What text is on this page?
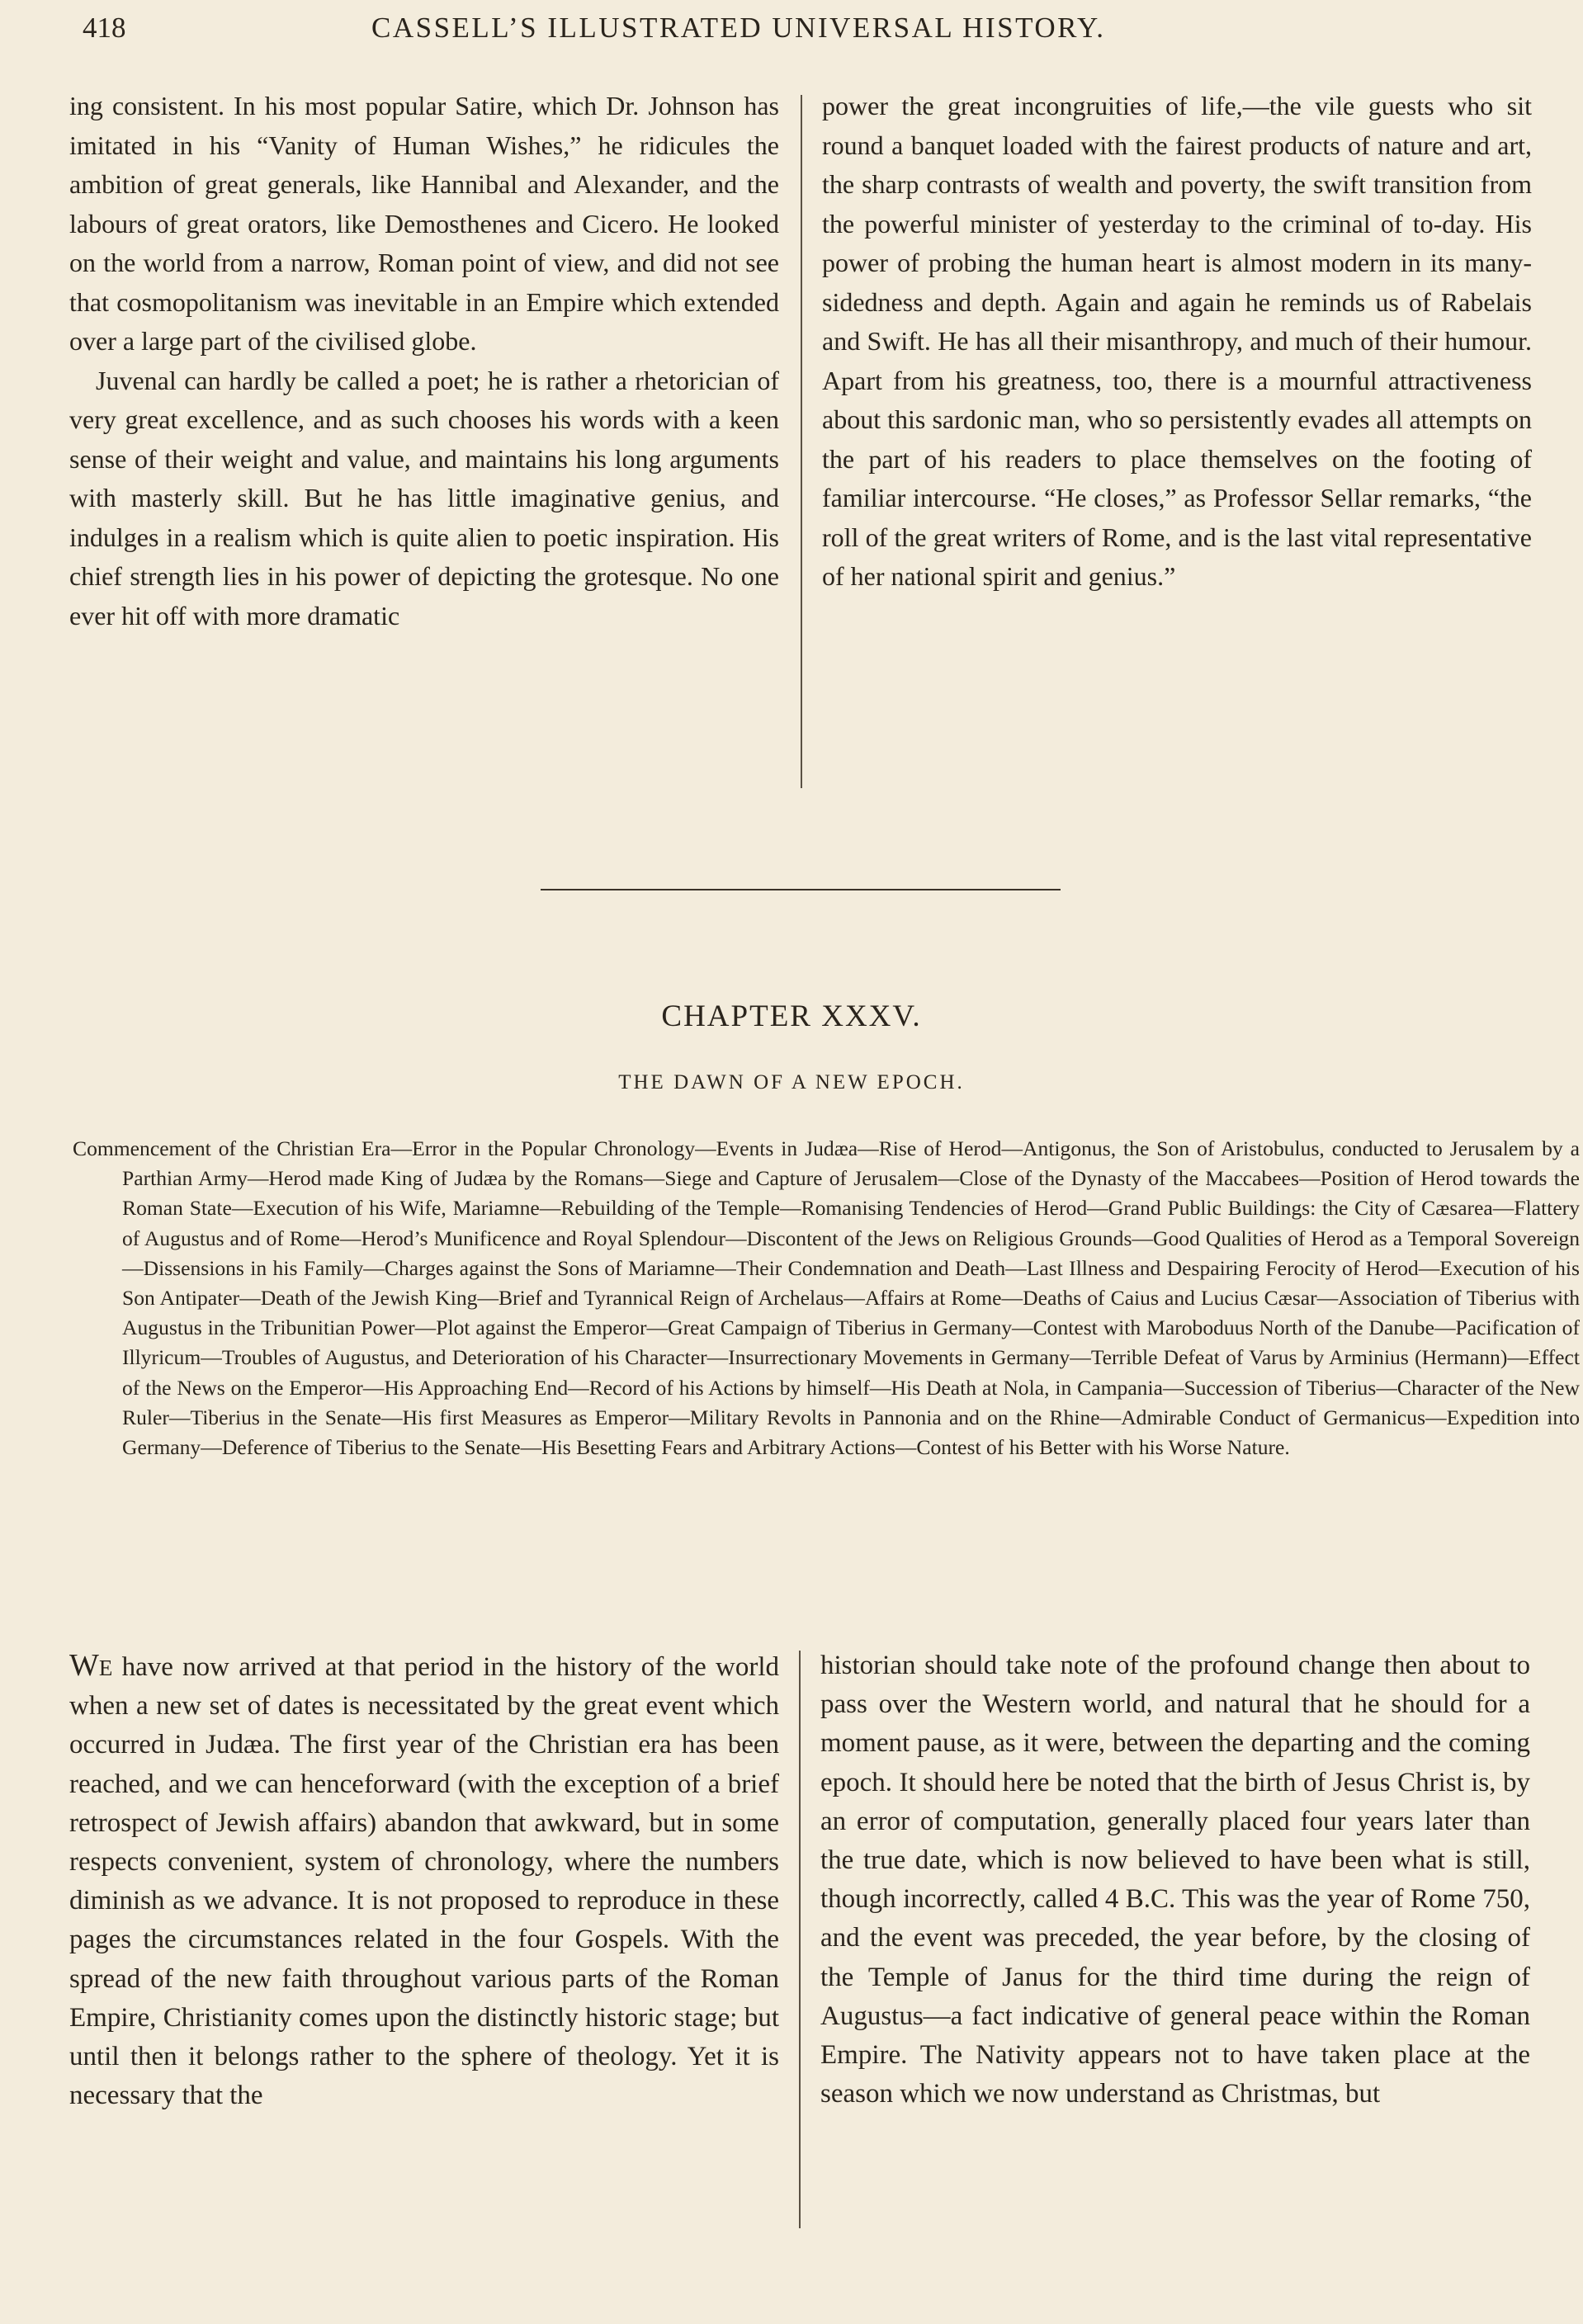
418	CASSELL’S ILLUSTRATED UNIVERSAL HISTORY.

ing consistent. In his most popular Satire, which Dr. Johnson has imitated in his “Vanity of Human Wishes,” he ridicules the ambition of great generals, like Hannibal and Alexander, and the labours of great orators, like Demosthenes and Cicero. He looked on the world from a narrow, Roman point of view, and did not see that cosmopolitanism was inevitable in an Empire which extended over a large part of the civilised globe.

Juvenal can hardly be called a poet; he is rather a rhetorician of very great excellence, and as such chooses his words with a keen sense of their weight and value, and maintains his long arguments with masterly skill. But he has little imaginative genius, and indulges in a realism which is quite alien to poetic inspiration. His chief strength lies in his power of depicting the grotesque. No one ever hit off with more dramatic

power the great incongruities of life,—the vile guests who sit round a banquet loaded with the fairest products of nature and art, the sharp contrasts of wealth and poverty, the swift transition from the powerful minister of yesterday to the criminal of to-day. His power of probing the human heart is almost modern in its many-sidedness and depth. Again and again he reminds us of Rabelais and Swift. He has all their misanthropy, and much of their humour. Apart from his greatness, too, there is a mournful attractiveness about this sardonic man, who so persistently evades all attempts on the part of his readers to place themselves on the footing of familiar intercourse. “He closes,” as Professor Sellar remarks, “the roll of the great writers of Rome, and is the last vital representative of her national spirit and genius.”

CHAPTER XXXV.
THE DAWN OF A NEW EPOCH.
Commencement of the Christian Era—Error in the Popular Chronology—Events in Judæa—Rise of Herod—Antigonus, the Son of Aristobulus, conducted to Jerusalem by a Parthian Army—Herod made King of Judæa by the Romans—Siege and Capture of Jerusalem—Close of the Dynasty of the Maccabees—Position of Herod towards the Roman State—Execution of his Wife, Mariamne—Rebuilding of the Temple—Romanising Tendencies of Herod—Grand Public Buildings: the City of Cæsarea—Flattery of Augustus and of Rome—Herod’s Munificence and Royal Splendour—Discontent of the Jews on Religious Grounds—Good Qualities of Herod as a Temporal Sovereign—Dissensions in his Family—Charges against the Sons of Mariamne—Their Condemnation and Death—Last Illness and Despairing Ferocity of Herod—Execution of his Son Antipater—Death of the Jewish King—Brief and Tyrannical Reign of Archelaus—Affairs at Rome—Deaths of Caius and Lucius Cæsar—Association of Tiberius with Augustus in the Tribunitian Power—Plot against the Emperor—Great Campaign of Tiberius in Germany—Contest with Maroboduus North of the Danube—Pacification of Illyricum—Troubles of Augustus, and Deterioration of his Character—Insurrectionary Movements in Germany—Terrible Defeat of Varus by Arminius (Hermann)—Effect of the News on the Emperor—His Approaching End—Record of his Actions by himself—His Death at Nola, in Campania—Succession of Tiberius—Character of the New Ruler—Tiberius in the Senate—His first Measures as Emperor—Military Revolts in Pannonia and on the Rhine—Admirable Conduct of Germanicus—Expedition into Germany—Deference of Tiberius to the Senate—His Besetting Fears and Arbitrary Actions—Contest of his Better with his Worse Nature.

We have now arrived at that period in the history of the world when a new set of dates is necessitated by the great event which occurred in Judæa. The first year of the Christian era has been reached, and we can henceforward (with the exception of a brief retrospect of Jewish affairs) abandon that awkward, but in some respects convenient, system of chronology, where the numbers diminish as we advance. It is not proposed to reproduce in these pages the circumstances related in the four Gospels. With the spread of the new faith throughout various parts of the Roman Empire, Christianity comes upon the distinctly historic stage; but until then it belongs rather to the sphere of theology. Yet it is necessary that the

historian should take note of the profound change then about to pass over the Western world, and natural that he should for a moment pause, as it were, between the departing and the coming epoch. It should here be noted that the birth of Jesus Christ is, by an error of computation, generally placed four years later than the true date, which is now believed to have been what is still, though incorrectly, called 4 B.C. This was the year of Rome 750, and the event was preceded, the year before, by the closing of the Temple of Janus for the third time during the reign of Augustus—a fact indicative of general peace within the Roman Empire. The Nativity appears not to have taken place at the season which we now understand as Christmas, but
